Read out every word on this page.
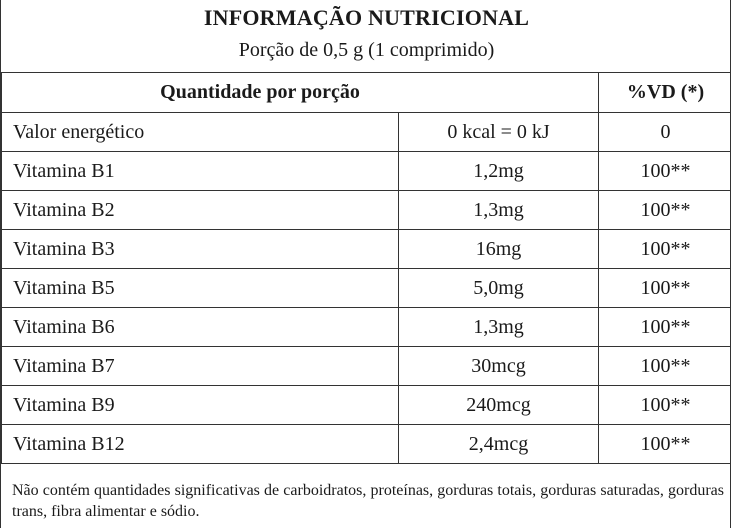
INFORMAÇÃO NUTRICIONAL
Porção de 0,5 g (1 comprimido)
Quantidade por porção		%VD (*)
Valor energético	0 kcal = 0 kJ	0
Vitamina B1	1,2mg	100**
Vitamina B2	1,3mg	100**
Vitamina B3	16mg	100**
Vitamina B5	5,0mg	100**
Vitamina B6	1,3mg	100**
Vitamina B7	30mcg	100**
Vitamina B9	240mcg	100**
Vitamina B12	2,4mcg	100**
Não contém quantidades significativas de carboidratos, proteínas, gorduras totais, gorduras saturadas, gorduras trans, fibra alimentar e sódio.
